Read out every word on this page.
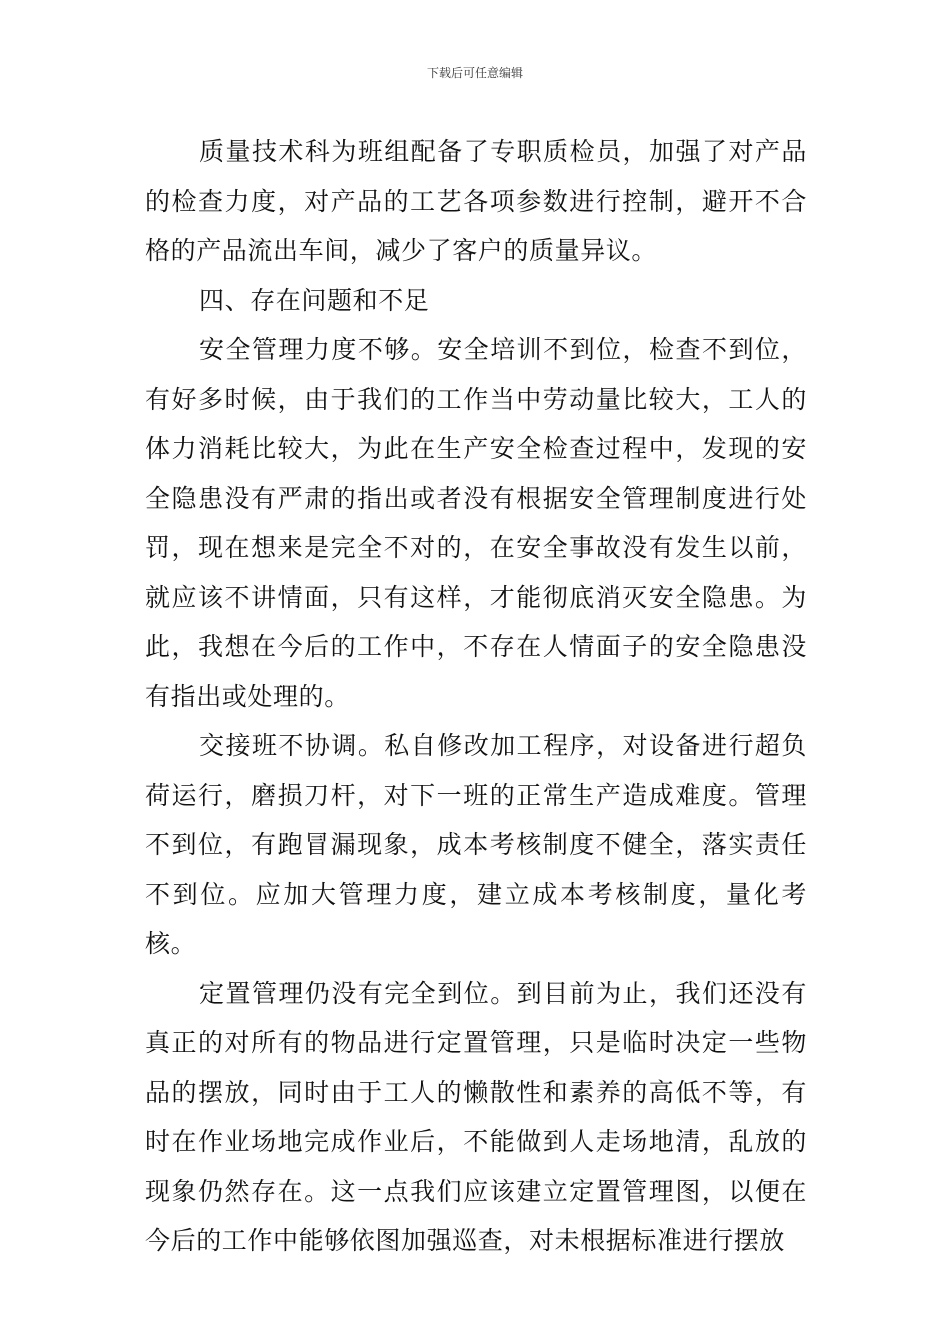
下载后可任意编辑

质量技术科为班组配备了专职质检员，加强了对产品的检查力度，对产品的工艺各项参数进行控制，避开不合格的产品流出车间，减少了客户的质量异议。

四、存在问题和不足

安全管理力度不够。安全培训不到位，检查不到位，有好多时候，由于我们的工作当中劳动量比较大，工人的体力消耗比较大，为此在生产安全检查过程中，发现的安全隐患没有严肃的指出或者没有根据安全管理制度进行处罚，现在想来是完全不对的，在安全事故没有发生以前，就应该不讲情面，只有这样，才能彻底消灭安全隐患。为此，我想在今后的工作中，不存在人情面子的安全隐患没有指出或处理的。

交接班不协调。私自修改加工程序，对设备进行超负荷运行，磨损刀杆，对下一班的正常生产造成难度。管理不到位，有跑冒漏现象，成本考核制度不健全，落实责任不到位。应加大管理力度，建立成本考核制度，量化考核。

定置管理仍没有完全到位。到目前为止，我们还没有真正的对所有的物品进行定置管理，只是临时决定一些物品的摆放，同时由于工人的懒散性和素养的高低不等，有时在作业场地完成作业后，不能做到人走场地清，乱放的现象仍然存在。这一点我们应该建立定置管理图，以便在今后的工作中能够依图加强巡查，对未根据标准进行摆放
